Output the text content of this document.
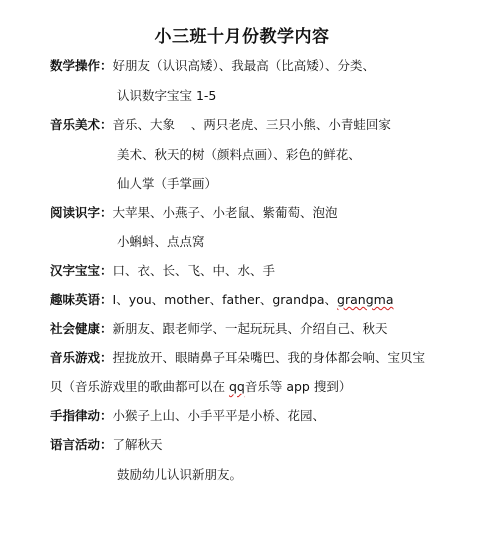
小三班十月份教学内容
数学操作：好朋友（认识高矮）、我最高（比高矮）、分类、
认识数字宝宝 1-5
音乐美术：音乐、大象    、两只老虎、三只小熊、小青蛙回家
美术、秋天的树（颜料点画）、彩色的鲜花、
仙人掌（手掌画）
阅读识字：大苹果、小燕子、小老鼠、紫葡萄、泡泡
小蝌蚪、点点窝
汉字宝宝：口、衣、长、飞、中、水、手
趣味英语：I、you、mother、father、grandpa、grangma
社会健康：新朋友、跟老师学、一起玩玩具、介绍自己、秋天
音乐游戏：捏拢放开、眼睛鼻子耳朵嘴巴、我的身体都会响、宝贝宝
贝（音乐游戏里的歌曲都可以在 qq音乐等 app 搜到）
手指律动：小猴子上山、小手平平是小桥、花园、
语言活动：了解秋天
鼓励幼儿认识新朋友。
